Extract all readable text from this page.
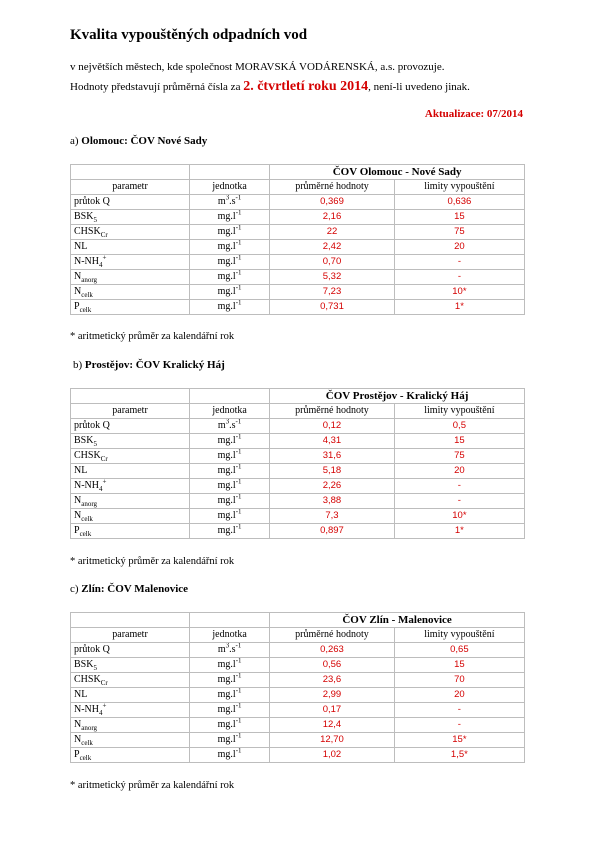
Kvalita vypouštěných odpadních vod
v největších městech, kde společnost MORAVSKÁ VODÁRENSKÁ, a.s. provozuje.
Hodnoty představují průměrná čísla za 2. čtvrtletí roku 2014, není-li uvedeno jinak.
Aktualizace: 07/2014
a) Olomouc: ČOV Nové Sady
		ČOV Olomouc - Nové Sady	
parametr	jednotka	průměrné hodnoty	limity vypouštění
průtok Q	$m^3.s^{-1}$	0,369	0,636
$BSK_5$	$mg.l^{-1}$	2,16	15
$CHSK_{Cr}$	$mg.l^{-1}$	22	75
NL	$mg.l^{-1}$	2,42	20
$N-NH_4^+$	$mg.l^{-1}$	0,70	-
$N_{anorg}$	$mg.l^{-1}$	5,32	-
$N_{celk}$	$mg.l^{-1}$	7,23	10*
$P_{celk}$	$mg.l^{-1}$	0,731	1*
* aritmetický průměr za kalendářní rok
b) Prostějov: ČOV Kralický Háj
		ČOV Prostějov - Kralický Háj	
parametr	jednotka	průměrné hodnoty	limity vypouštění
průtok Q	$m^3.s^{-1}$	0,12	0,5
$BSK_5$	$mg.l^{-1}$	4,31	15
$CHSK_{Cr}$	$mg.l^{-1}$	31,6	75
NL	$mg.l^{-1}$	5,18	20
$N-NH_4^+$	$mg.l^{-1}$	2,26	-
$N_{anorg}$	$mg.l^{-1}$	3,88	-
$N_{celk}$	$mg.l^{-1}$	7,3	10*
$P_{celk}$	$mg.l^{-1}$	0,897	1*
* aritmetický průměr za kalendářní rok
c) Zlín: ČOV Malenovice
		ČOV Zlín - Malenovice	
parametr	jednotka	průměrné hodnoty	limity vypouštění
průtok Q	$m^3.s^{-1}$	0,263	0,65
$BSK_5$	$mg.l^{-1}$	0,56	15
$CHSK_{Cr}$	$mg.l^{-1}$	23,6	70
NL	$mg.l^{-1}$	2,99	20
$N-NH_4^+$	$mg.l^{-1}$	0,17	-
$N_{anorg}$	$mg.l^{-1}$	12,4	-
$N_{celk}$	$mg.l^{-1}$	12,70	15*
$P_{celk}$	$mg.l^{-1}$	1,02	1,5*
* aritmetický průměr za kalendářní rok
